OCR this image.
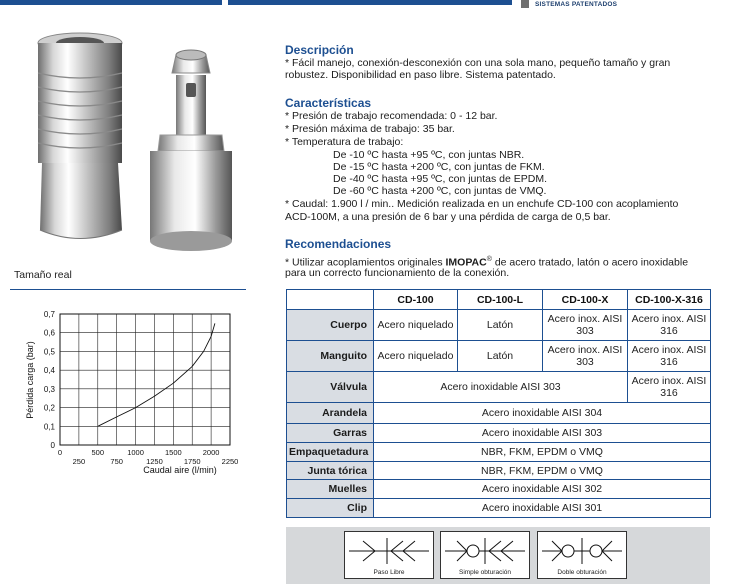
SISTEMAS PATENTADOS
Tamaño real
0
0,1
0,2
0,3
0,4
0,5
0,6
0,7
0	500	1000	1500	2000
250	750	1250	1750	2250
Pérdida carga (bar)
Caudal aire (l/min)
Descripción
* Fácil manejo, conexión-desconexión con una sola mano, pequeño tamaño y gran
robustez. Disponibilidad en paso libre. Sistema patentado.
Características
* Presión de trabajo recomendada: 0 - 12 bar.
* Presión máxima de trabajo: 35 bar.
* Temperatura de trabajo:
De -10 ºC hasta +95 ºC, con juntas NBR.
De -15 ºC hasta +200 ºC, con juntas de FKM.
De -40 ºC hasta +95 ºC, con juntas de EPDM.
De -60 ºC hasta +200 ºC, con juntas de VMQ.
* Caudal: 1.900 l / min.. Medición realizada en un enchufe CD-100 con acoplamiento
ACD-100M, a una presión de 6 bar y una pérdida de carga de 0,5 bar.
Recomendaciones
* Utilizar acoplamientos originales IMOPAC® de acero tratado, latón o acero inoxidable
para un correcto funcionamiento de la conexión.
	CD-100	CD-100-L	CD-100-X	CD-100-X-316
Cuerpo	Acero niquelado	Latón	Acero inox. AISI 303	Acero inox. AISI 316
Manguito	Acero niquelado	Latón	Acero inox. AISI 303	Acero inox. AISI 316
Válvula	Acero inoxidable AISI 303			Acero inox. AISI 316
Arandela	Acero inoxidable AISI 304			
Garras	Acero inoxidable AISI 303			
Empaquetadura	NBR, FKM, EPDM o VMQ			
Junta tórica	NBR, FKM, EPDM o VMQ			
Muelles	Acero inoxidable AISI 302			
Clip	Acero inoxidable AISI 301			
Paso Libre	Simple obturación	Doble obturación
